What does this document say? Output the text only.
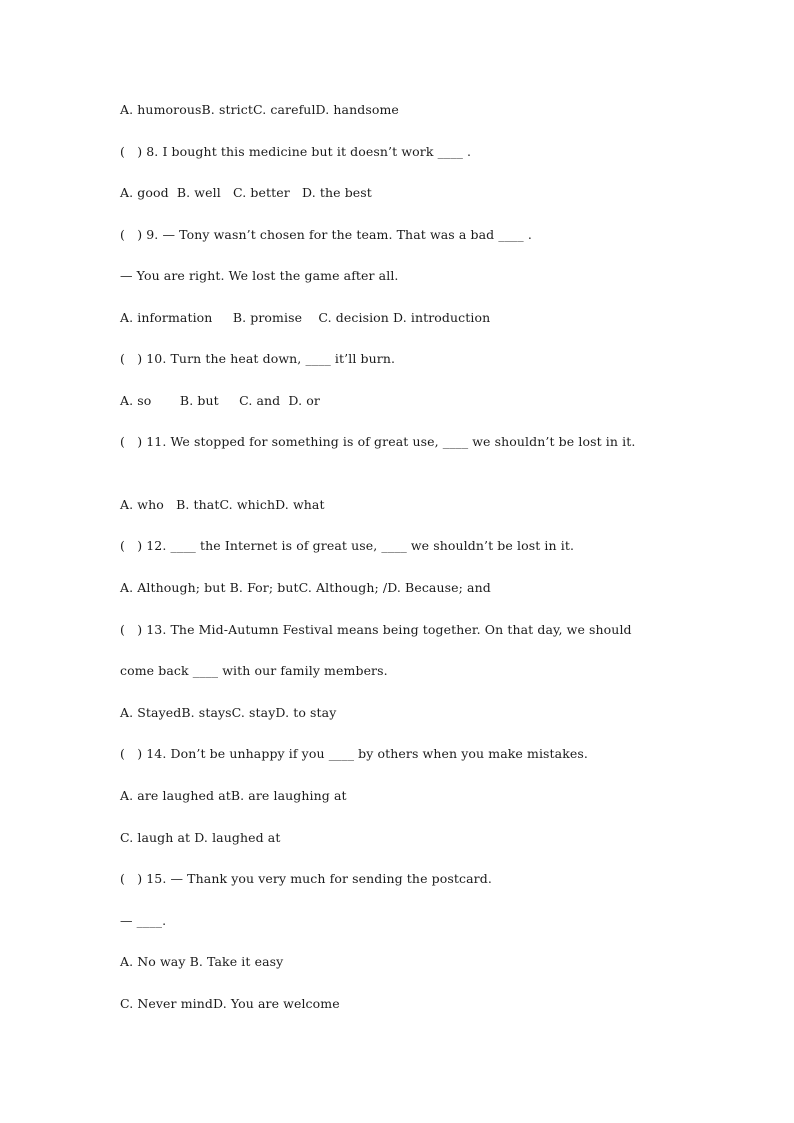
A. humorousB. strictC. carefulD. handsome
(   ) 8. I bought this medicine but it doesn’t work ____ .
A. good  B. well   C. better   D. the best
(   ) 9. — Tony wasn’t chosen for the team. That was a bad ____ .
— You are right. We lost the game after all.
A. information     B. promise    C. decision D. introduction
(   ) 10. Turn the heat down, ____ it’ll burn.
A. so       B. but     C. and  D. or
(   ) 11. We stopped for something is of great use, ____ we shouldn’t be lost in it.
A. who   B. thatC. whichD. what
(   ) 12. ____ the Internet is of great use, ____ we shouldn’t be lost in it.
A. Although; but B. For; butC. Although; /D. Because; and
(   ) 13. The Mid-Autumn Festival means being together. On that day, we should
come back ____ with our family members.
A. StayedB. staysC. stayD. to stay
(   ) 14. Don’t be unhappy if you ____ by others when you make mistakes.
A. are laughed atB. are laughing at
C. laugh at D. laughed at
(   ) 15. — Thank you very much for sending the postcard.
— ____.
A. No way B. Take it easy
C. Never mindD. You are welcome
